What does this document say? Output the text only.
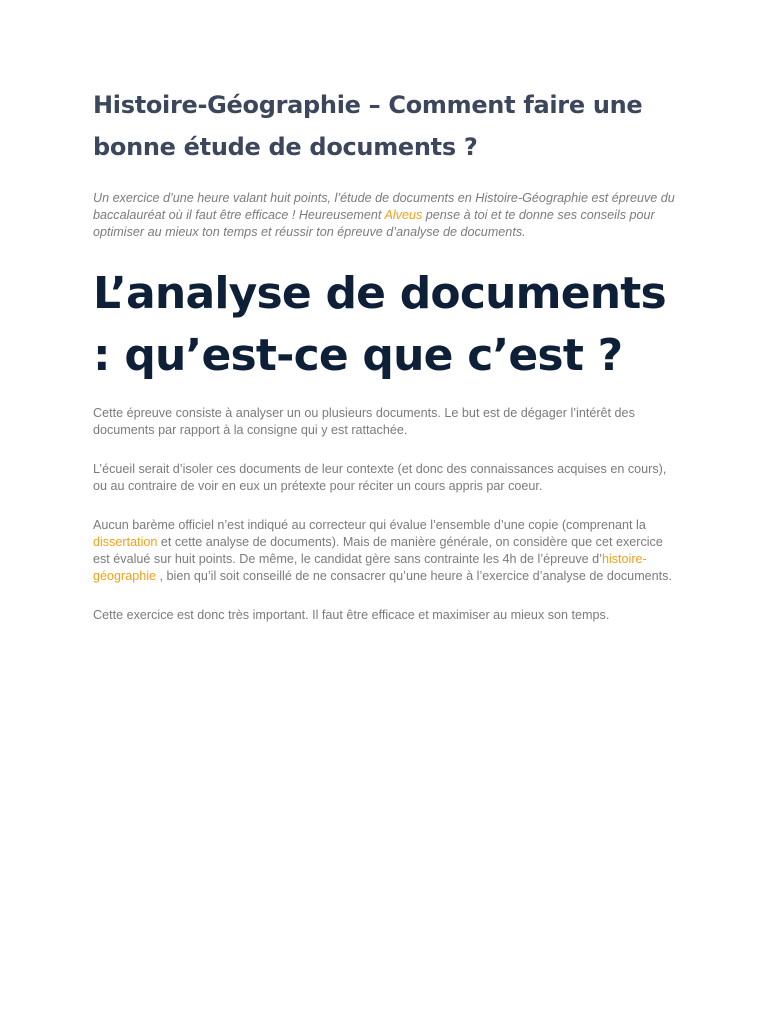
Histoire-Géographie – Comment faire une bonne étude de documents ?

Un exercice d’une heure valant huit points, l’étude de documents en Histoire-Géographie est épreuve du baccalauréat où il faut être efficace ! Heureusement Alveus pense à toi et te donne ses conseils pour optimiser au mieux ton temps et réussir ton épreuve d’analyse de documents.

L’analyse de documents : qu’est-ce que c’est ?

Cette épreuve consiste à analyser un ou plusieurs documents. Le but est de dégager l’intérêt des documents par rapport à la consigne qui y est rattachée.

L’écueil serait d’isoler ces documents de leur contexte (et donc des connaissances acquises en cours), ou au contraire de voir en eux un prétexte pour réciter un cours appris par coeur.

Aucun barème officiel n’est indiqué au correcteur qui évalue l’ensemble d’une copie (comprenant la dissertation et cette analyse de documents). Mais de manière générale, on considère que cet exercice est évalué sur huit points. De même, le candidat gère sans contrainte les 4h de l’épreuve d’histoire-géographie , bien qu’il soit conseillé de ne consacrer qu’une heure à l’exercice d’analyse de documents.

Cette exercice est donc très important. Il faut être efficace et maximiser au mieux son temps.
